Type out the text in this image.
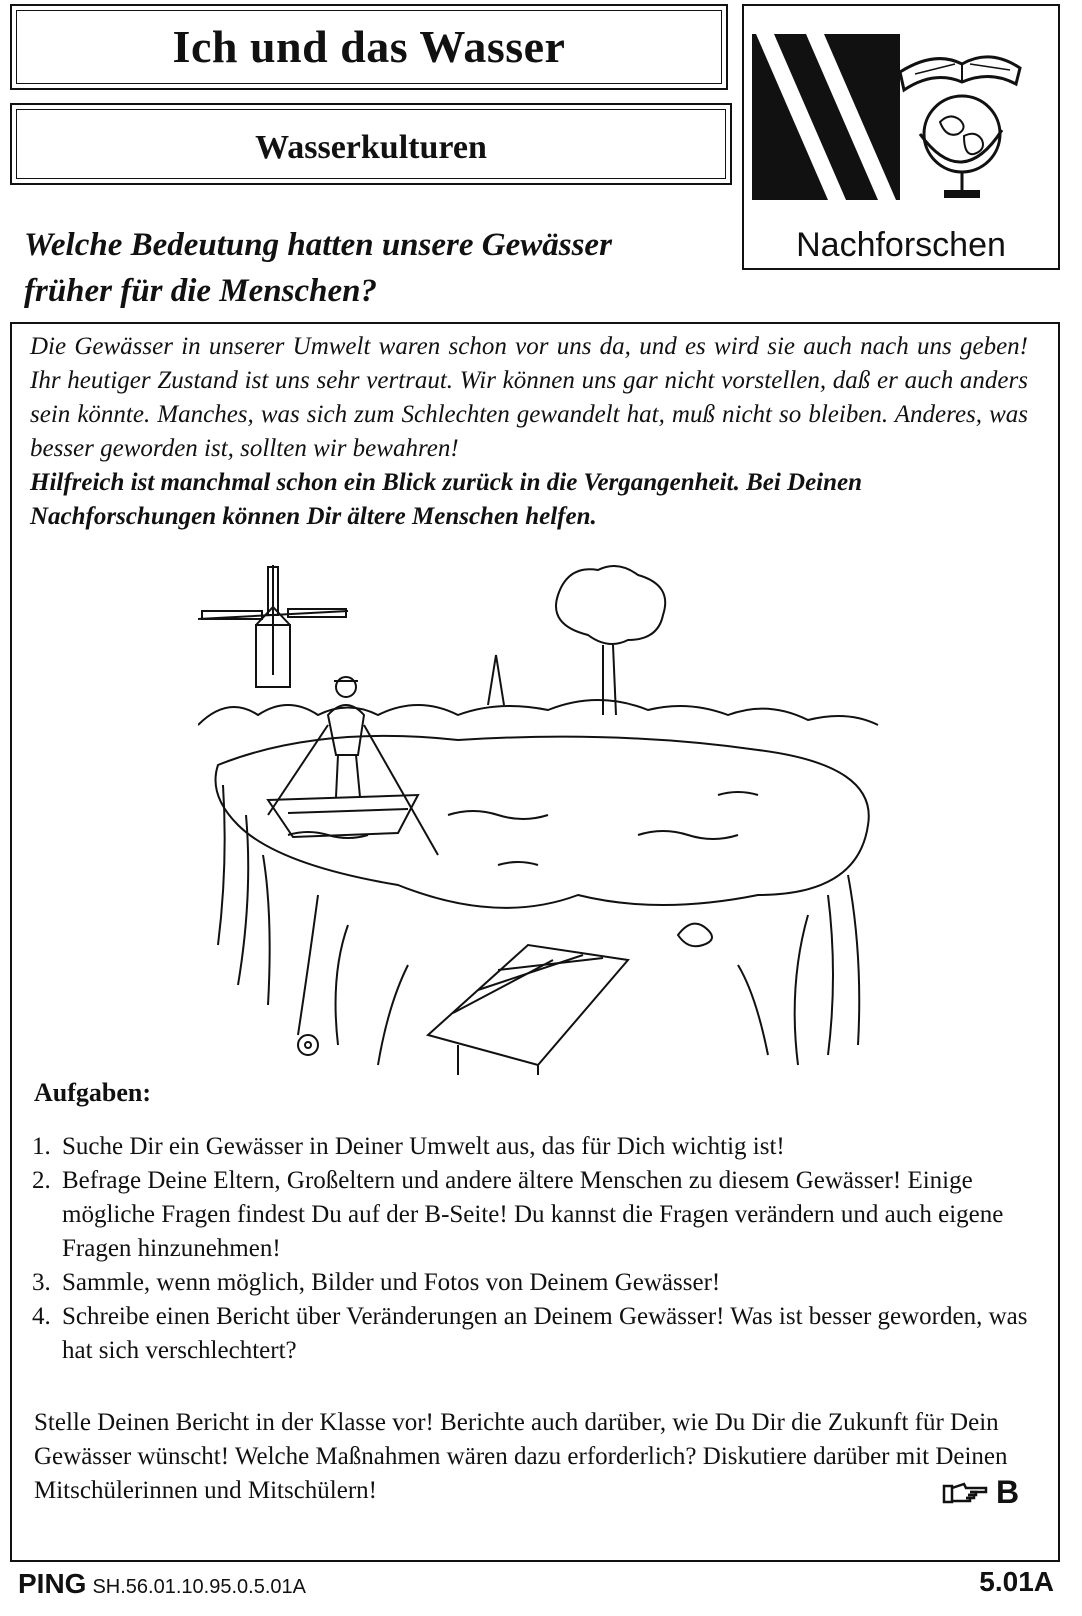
Ich und das Wasser
Wasserkulturen
Nachforschen
Welche Bedeutung hatten unsere Gewässer
früher für die Menschen?

Die Gewässer in unserer Umwelt waren schon vor uns da, und es wird sie auch nach uns geben! Ihr heutiger Zustand ist uns sehr vertraut. Wir können uns gar nicht vorstellen, daß er auch anders sein könnte. Manches, was sich zum Schlechten gewandelt hat, muß nicht so bleiben. Anderes, was besser geworden ist, sollten wir bewahren!

Hilfreich ist manchmal schon ein Blick zurück in die Vergangenheit. Bei Deinen

Nachforschungen können Dir ältere Menschen helfen.

Aufgaben:
1. Suche Dir ein Gewässer in Deiner Umwelt aus, das für Dich wichtig ist!
2. Befrage Deine Eltern, Großeltern und andere ältere Menschen zu diesem Gewässer! Einige mögliche Fragen findest Du auf der B-Seite! Du kannst die Fragen verändern und auch eigene Fragen hinzunehmen!
3. Sammle, wenn möglich, Bilder und Fotos von Deinem Gewässer!
4. Schreibe einen Bericht über Veränderungen an Deinem Gewässer! Was ist besser geworden, was hat sich verschlechtert?
Stelle Deinen Bericht in der Klasse vor! Berichte auch darüber, wie Du Dir die Zukunft für Dein Gewässer wünscht! Welche Maßnahmen wären dazu erforderlich? Diskutiere darüber mit Deinen Mitschülerinnen und Mitschülern!	B
PING SH.56.01.10.95.0.5.01A	5.01A
